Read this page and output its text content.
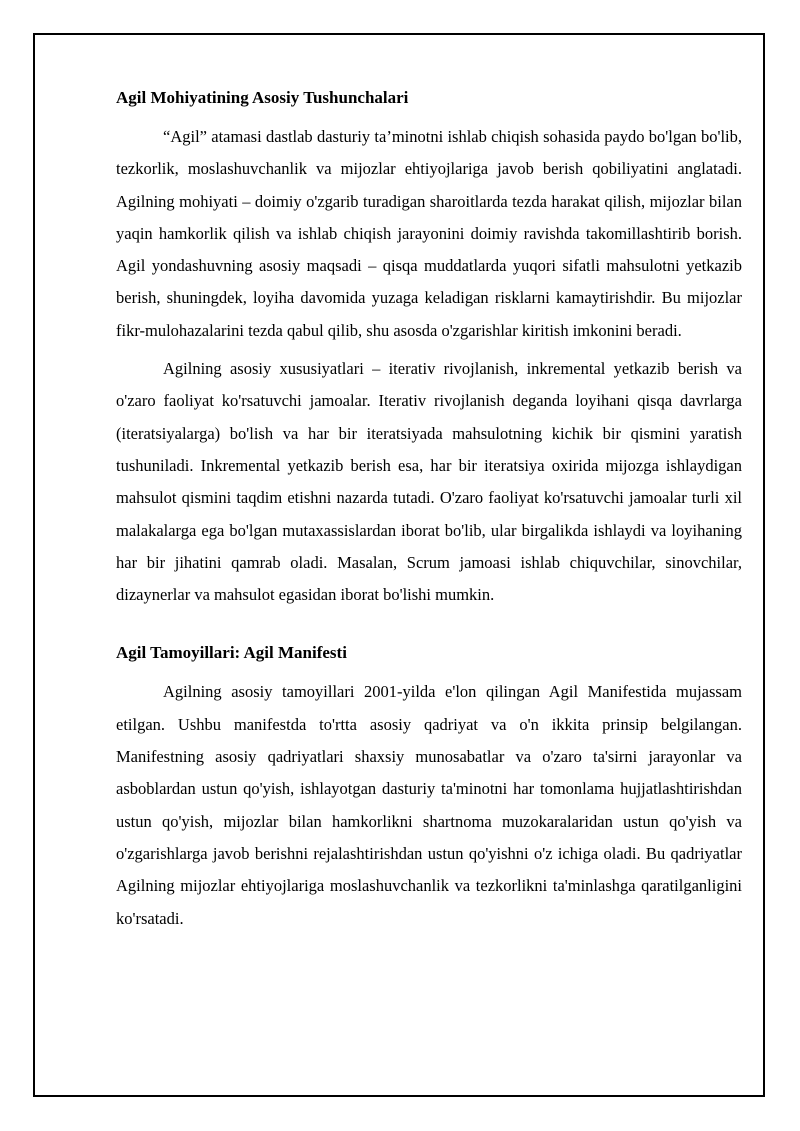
Agil Mohiyatining Asosiy Tushunchalari

“Agil” atamasi dastlab dasturiy ta’minotni ishlab chiqish sohasida paydo bo'lgan bo'lib, tezkorlik, moslashuvchanlik va mijozlar ehtiyojlariga javob berish qobiliyatini anglatadi. Agilning mohiyati – doimiy o'zgarib turadigan sharoitlarda tezda harakat qilish, mijozlar bilan yaqin hamkorlik qilish va ishlab chiqish jarayonini doimiy ravishda takomillashtirib borish. Agil yondashuvning asosiy maqsadi – qisqa muddatlarda yuqori sifatli mahsulotni yetkazib berish, shuningdek, loyiha davomida yuzaga keladigan risklarni kamaytirishdir. Bu mijozlar fikr-mulohazalarini tezda qabul qilib, shu asosda o'zgarishlar kiritish imkonini beradi.

Agilning asosiy xususiyatlari – iterativ rivojlanish, inkremental yetkazib berish va o'zaro faoliyat ko'rsatuvchi jamoalar. Iterativ rivojlanish deganda loyihani qisqa davrlarga (iteratsiyalarga) bo'lish va har bir iteratsiyada mahsulotning kichik bir qismini yaratish tushuniladi. Inkremental yetkazib berish esa, har bir iteratsiya oxirida mijozga ishlaydigan mahsulot qismini taqdim etishni nazarda tutadi. O'zaro faoliyat ko'rsatuvchi jamoalar turli xil malakalarga ega bo'lgan mutaxassislardan iborat bo'lib, ular birgalikda ishlaydi va loyihaning har bir jihatini qamrab oladi. Masalan, Scrum jamoasi ishlab chiquvchilar, sinovchilar, dizaynerlar va mahsulot egasidan iborat bo'lishi mumkin.

Agil Tamoyillari: Agil Manifesti

Agilning asosiy tamoyillari 2001-yilda e'lon qilingan Agil Manifestida mujassam etilgan. Ushbu manifestda to'rtta asosiy qadriyat va o'n ikkita prinsip belgilangan. Manifestning asosiy qadriyatlari shaxsiy munosabatlar va o'zaro ta'sirni jarayonlar va asboblardan ustun qo'yish, ishlayotgan dasturiy ta'minotni har tomonlama hujjatlashtirishdan ustun qo'yish, mijozlar bilan hamkorlikni shartnoma muzokaralaridan ustun qo'yish va o'zgarishlarga javob berishni rejalashtirishdan ustun qo'yishni o'z ichiga oladi. Bu qadriyatlar Agilning mijozlar ehtiyojlariga moslashuvchanlik va tezkorlikni ta'minlashga qaratilganligini ko'rsatadi.
